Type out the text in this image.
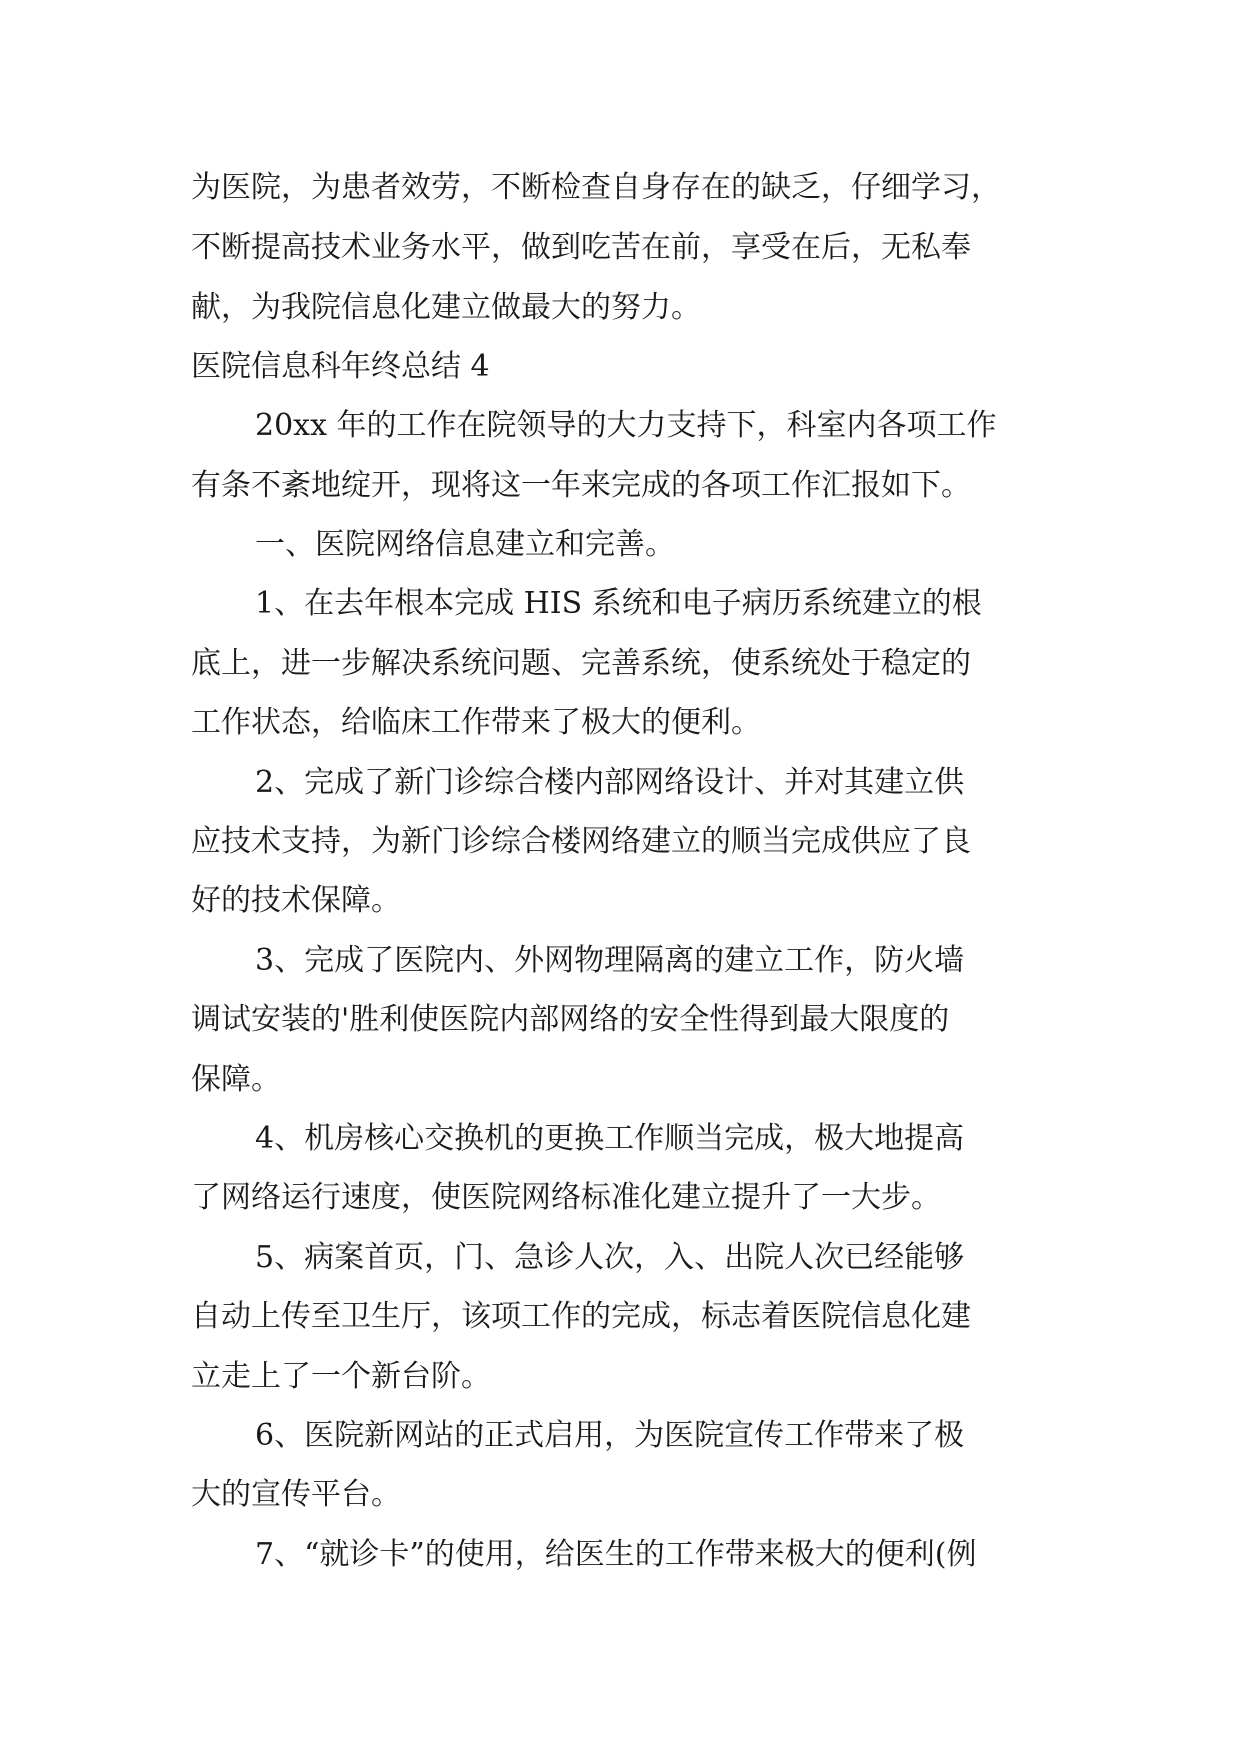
为医院，为患者效劳，不断检查自身存在的缺乏，仔细学习，
不断提高技术业务水平，做到吃苦在前，享受在后，无私奉
献，为我院信息化建立做最大的努力。
医院信息科年终总结 4
20xx 年的工作在院领导的大力支持下，科室内各项工作
有条不紊地绽开，现将这一年来完成的各项工作汇报如下。
一、医院网络信息建立和完善。
1、在去年根本完成 HIS 系统和电子病历系统建立的根
底上，进一步解决系统问题、完善系统，使系统处于稳定的
工作状态，给临床工作带来了极大的便利。
2、完成了新门诊综合楼内部网络设计、并对其建立供
应技术支持，为新门诊综合楼网络建立的顺当完成供应了良
好的技术保障。
3、完成了医院内、外网物理隔离的建立工作，防火墙
调试安装的'胜利使医院内部网络的安全性得到最大限度的
保障。
4、机房核心交换机的更换工作顺当完成，极大地提高
了网络运行速度，使医院网络标准化建立提升了一大步。
5、病案首页，门、急诊人次，入、出院人次已经能够
自动上传至卫生厅，该项工作的完成，标志着医院信息化建
立走上了一个新台阶。
6、医院新网站的正式启用，为医院宣传工作带来了极
大的宣传平台。
7、“就诊卡”的使用，给医生的工作带来极大的便利(例
